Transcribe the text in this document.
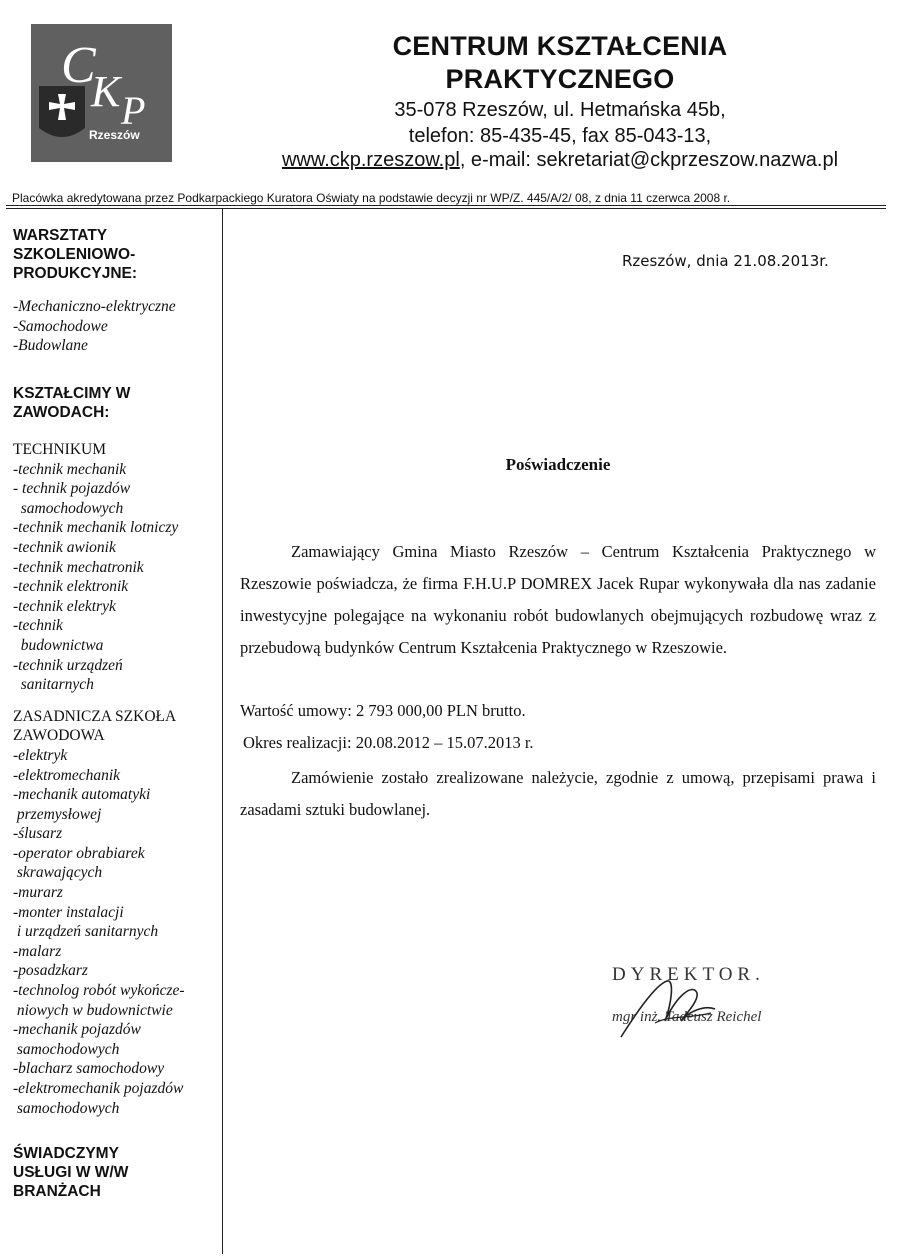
C
K P
Rzeszów
CENTRUM KSZTAŁCENIA
PRAKTYCZNEGO
35-078 Rzeszów, ul. Hetmańska 45b,
telefon: 85-435-45, fax 85-043-13,
www.ckp.rzeszow.pl, e-mail: sekretariat@ckprzeszow.nazwa.pl
Placówka akredytowana przez Podkarpackiego Kuratora Oświaty na podstawie decyzji nr WP/Z. 445/A/2/ 08, z dnia 11 czerwca 2008 r.
WARSZTATY SZKOLENIOWO-PRODUKCYJNE:
-Mechaniczno-elektryczne
-Samochodowe
-Budowlane
KSZTAŁCIMY W ZAWODACH:
TECHNIKUM
-technik mechanik
- technik pojazdów
samochodowych
-technik mechanik lotniczy
-technik awionik
-technik mechatronik
-technik elektronik
-technik elektryk
-technik
budownictwa
-technik urządzeń
sanitarnych
ZASADNICZA SZKOŁA
ZAWODOWA
-elektryk
-elektromechanik
-mechanik automatyki
przemysłowej
-ślusarz
-operator obrabiarek
skrawających
-murarz
-monter instalacji
i urządzeń sanitarnych
-malarz
-posadzkarz
-technolog robót wykończe-
niowych w budownictwie
-mechanik pojazdów
samochodowych
-blacharz samochodowy
-elektromechanik pojazdów
samochodowych
ŚWIADCZYMY USŁUGI W W/W BRANŻACH
Rzeszów, dnia 21.08.2013r.
Poświadczenie
Zamawiający Gmina Miasto Rzeszów – Centrum Kształcenia Praktycznego w Rzeszowie poświadcza, że firma F.H.U.P DOMREX Jacek Rupar wykonywała dla nas zadanie inwestycyjne polegające na wykonaniu robót budowlanych obejmujących rozbudowę wraz z przebudową budynków Centrum Kształcenia Praktycznego w Rzeszowie.
Wartość umowy: 2 793 000,00 PLN brutto.
Okres realizacji: 20.08.2012 – 15.07.2013 r.
Zamówienie zostało zrealizowane należycie, zgodnie z umową, przepisami prawa i zasadami sztuki budowlanej.
DYREKTOR.
mgr inż. Tadeusz Reichel
